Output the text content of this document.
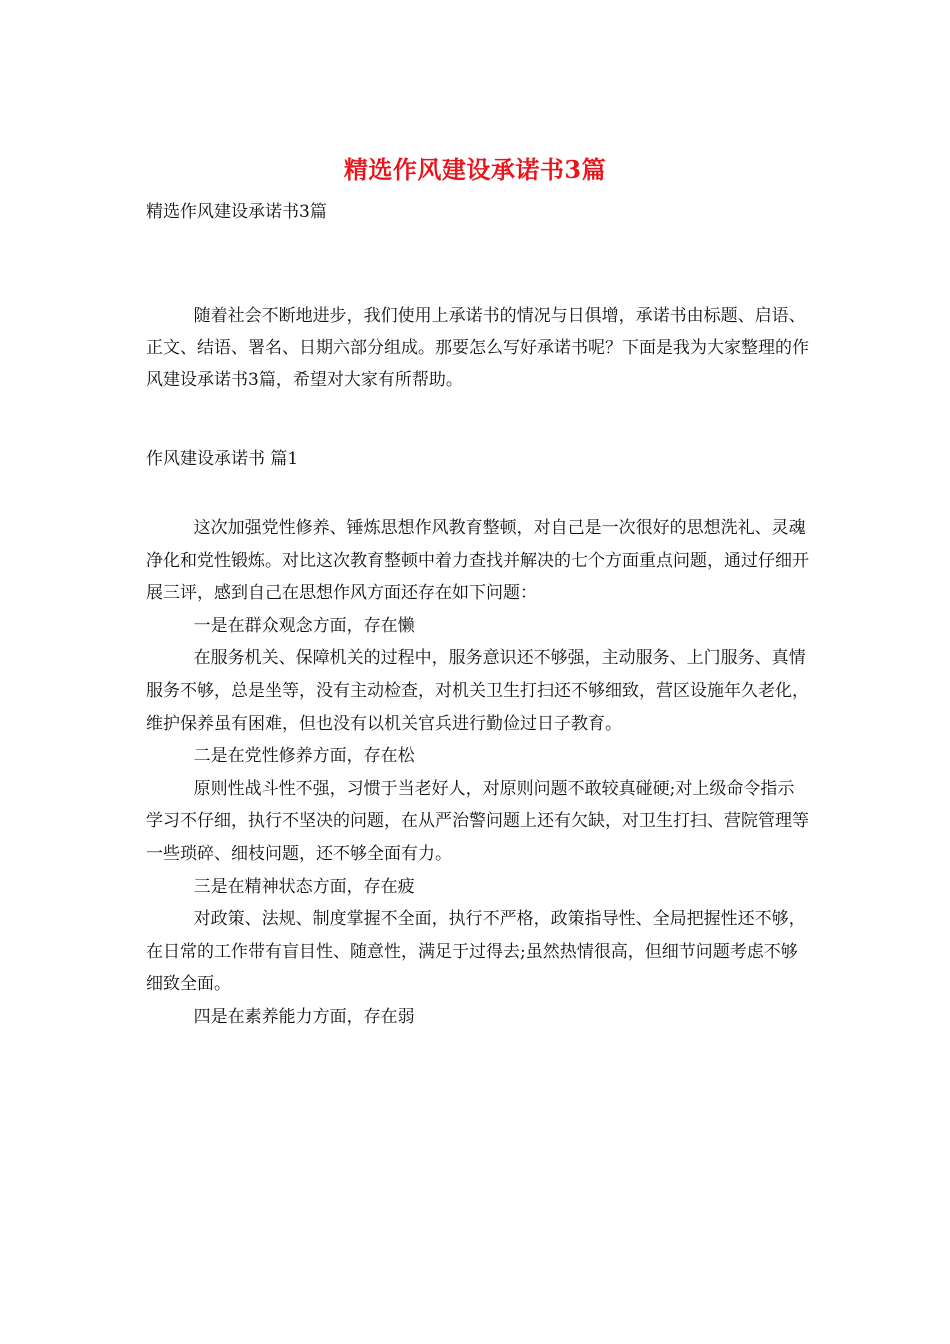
精选作风建设承诺书3篇
精选作风建设承诺书3篇

随着社会不断地进步，我们使用上承诺书的情况与日俱增，承诺书由标题、启语、正文、结语、署名、日期六部分组成。那要怎么写好承诺书呢？下面是我为大家整理的作风建设承诺书3篇，希望对大家有所帮助。

作风建设承诺书 篇1

这次加强党性修养、锤炼思想作风教育整顿，对自己是一次很好的思想洗礼、灵魂净化和党性锻炼。对比这次教育整顿中着力查找并解决的七个方面重点问题，通过仔细开展三评，感到自己在思想作风方面还存在如下问题：

一是在群众观念方面，存在懒

在服务机关、保障机关的过程中，服务意识还不够强，主动服务、上门服务、真情服务不够，总是坐等，没有主动检查，对机关卫生打扫还不够细致，营区设施年久老化，维护保养虽有困难，但也没有以机关官兵进行勤俭过日子教育。

二是在党性修养方面，存在松

原则性战斗性不强，习惯于当老好人，对原则问题不敢较真碰硬;对上级命令指示学习不仔细，执行不坚决的问题，在从严治警问题上还有欠缺，对卫生打扫、营院管理等一些琐碎、细枝问题，还不够全面有力。

三是在精神状态方面，存在疲

对政策、法规、制度掌握不全面，执行不严格，政策指导性、全局把握性还不够，在日常的工作带有盲目性、随意性，满足于过得去;虽然热情很高，但细节问题考虑不够细致全面。

四是在素养能力方面，存在弱
